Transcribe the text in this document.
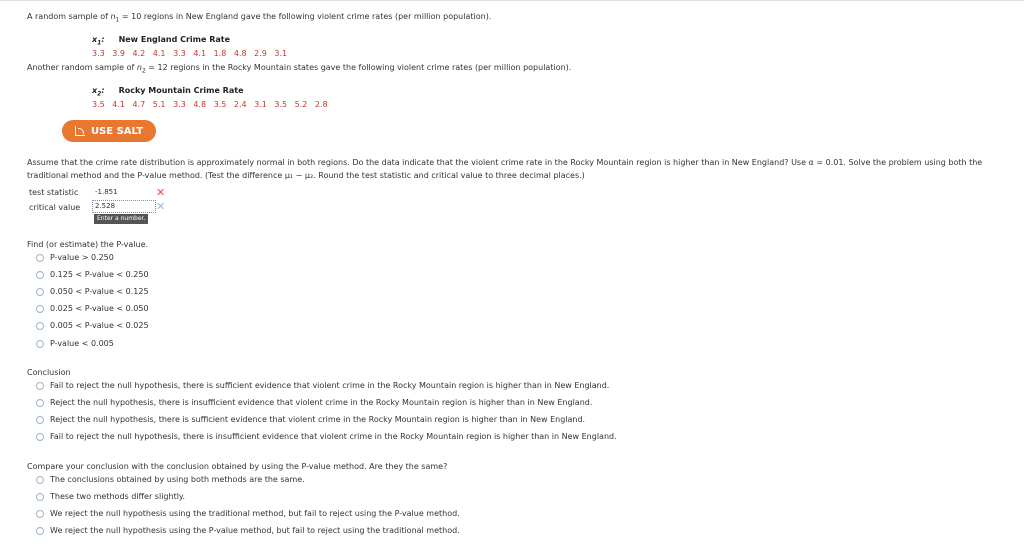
A random sample of $n_1 = 10$ regions in New England gave the following violent crime rates (per million population).
$x_1$: New England Crime Rate
3.3 3.9 4.2 4.1 3.3 4.1 1.8 4.8 2.9 3.1
Another random sample of $n_2 = 12$ regions in the Rocky Mountain states gave the following violent crime rates (per million population).
$x_2$: Rocky Mountain Crime Rate
3.5 4.1 4.7 5.1 3.3 4.8 3.5 2.4 3.1 3.5 5.2 2.8
USE SALT
Assume that the crime rate distribution is approximately normal in both regions. Do the data indicate that the violent crime rate in the Rocky Mountain region is higher than in New England? Use α = 0.01. Solve the problem using both the
traditional method and the P-value method. (Test the difference μ₁ − μ₂. Round the test statistic and critical value to three decimal places.)
test statistic	-1.851	✕
critical value	2.528	✕
Enter a number.
Find (or estimate) the P-value.
P-value > 0.250
0.125 < P-value < 0.250
0.050 < P-value < 0.125
0.025 < P-value < 0.050
0.005 < P-value < 0.025
P-value < 0.005
Conclusion
Fail to reject the null hypothesis, there is sufficient evidence that violent crime in the Rocky Mountain region is higher than in New England.
Reject the null hypothesis, there is insufficient evidence that violent crime in the Rocky Mountain region is higher than in New England.
Reject the null hypothesis, there is sufficient evidence that violent crime in the Rocky Mountain region is higher than in New England.
Fail to reject the null hypothesis, there is insufficient evidence that violent crime in the Rocky Mountain region is higher than in New England.
Compare your conclusion with the conclusion obtained by using the P-value method. Are they the same?
The conclusions obtained by using both methods are the same.
These two methods differ slightly.
We reject the null hypothesis using the traditional method, but fail to reject using the P-value method.
We reject the null hypothesis using the P-value method, but fail to reject using the traditional method.
